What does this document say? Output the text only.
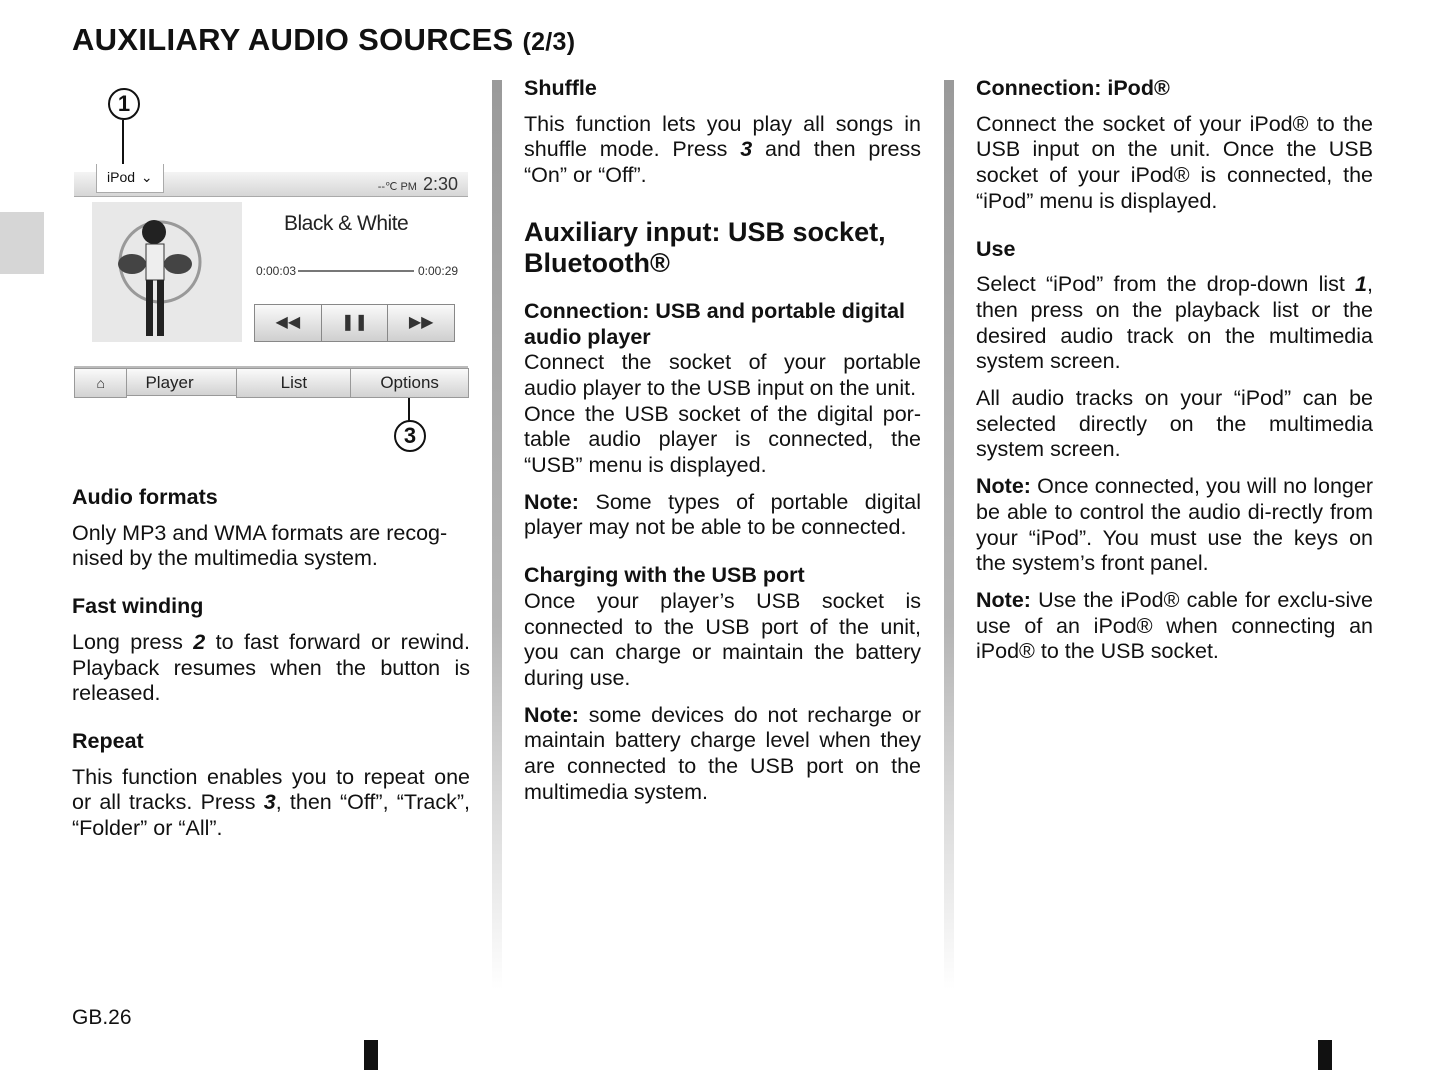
AUXILIARY AUDIO SOURCES (2/3)
1
3
--℃ PM 2:30
iPod ⌄
Black & White
0:00:03	0:00:29
◀◀	❚❚	▶▶
⌂	Player	List	Options
Audio formats

Only MP3 and WMA formats are recog-nised by the multimedia system.

Fast winding

Long press 2 to fast forward or rewind. Playback resumes when the button is released.

Repeat

This function enables you to repeat one or all tracks. Press 3, then “Off”, “Track”, “Folder” or “All”.

Shuffle

This function lets you play all songs in shuffle mode. Press 3 and then press “On” or “Off”.

Auxiliary input: USB socket, Bluetooth®
Connection: USB and portable digital audio player

Connect the socket of your portable audio player to the USB input on the unit.

Once the USB socket of the digital por-table audio player is connected, the “USB” menu is displayed.

Note: Some types of portable digital player may not be able to be connected.

Charging with the USB port

Once your player’s USB socket is connected to the USB port of the unit, you can charge or maintain the battery during use.

Note: some devices do not recharge or maintain battery charge level when they are connected to the USB port on the multimedia system.

Connection: iPod®

Connect the socket of your iPod® to the USB input on the unit. Once the USB socket of your iPod® is connected, the “iPod” menu is displayed.

Use

Select “iPod” from the drop-down list 1, then press on the playback list or the desired audio track on the multimedia system screen.

All audio tracks on your “iPod” can be selected directly on the multimedia system screen.

Note: Once connected, you will no longer be able to control the audio di-rectly from your “iPod”. You must use the keys on the system’s front panel.

Note: Use the iPod® cable for exclu-sive use of an iPod® when connecting an iPod® to the USB socket.

GB.26
